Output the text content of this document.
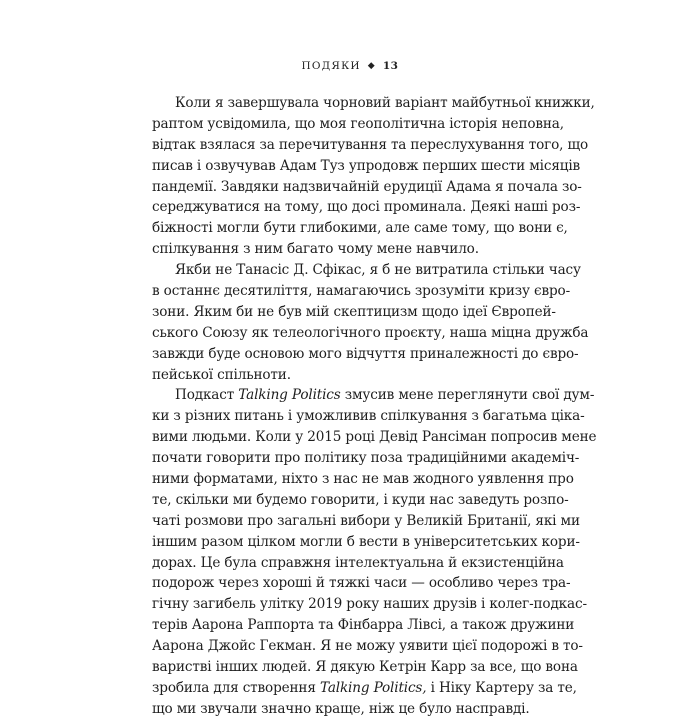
ПОДЯКИ ◆ 13
Коли я завершувала чорновий варіант майбутньої книжки,
раптом усвідомила, що моя геополітична історія неповна,
відтак взялася за перечитування та переслухування того, що
писав і озвучував Адам Туз упродовж перших шести місяців
пандемії. Завдяки надзвичайній ерудиції Адама я почала зо-
середжуватися на тому, що досі проминала. Деякі наші роз-
біжності могли бути глибокими, але саме тому, що вони є,
спілкування з ним багато чому мене навчило.
Якби не Танасіс Д. Сфікас, я б не витратила стільки часу
в останнє десятиліття, намагаючись зрозуміти кризу єврo-
зони. Яким би не був мій скептицизм щодо ідеї Європей-
ського Союзу як телеологічного проєкту, наша міцна дружба
завжди буде основою мого відчуття приналежності до євро-
пейської спільноти.
Подкаст Talking Politics змусив мене переглянути свої дум-
ки з різних питань і уможливив спілкування з багатьма ціка-
вими людьми. Коли у 2015 році Девід Рансіман попросив мене
почати говорити про політику поза традиційними академіч-
ними форматами, ніхто з нас не мав жодного уявлення про
те, скільки ми будемо говорити, і куди нас заведуть розпо-
чаті розмови про загальні вибори у Великій Британії, які ми
іншим разом цілком могли б вести в університетських кори-
дорах. Це була справжня інтелектуальна й екзистенційна
подорож через хороші й тяжкі часи — особливо через трa-
гічну загибель улітку 2019 року наших друзів і колег-подкас-
терів Аарона Раппорта та Фінбарра Лівсі, а також дружини
Аарона Джойс Гекман. Я не можу уявити цієї подорожі в то-
варистві інших людей. Я дякую Кетрін Карр за все, що вона
зробила для створення Talking Politics, і Ніку Картеру за те,
що ми звучали значно краще, ніж це було насправді.
